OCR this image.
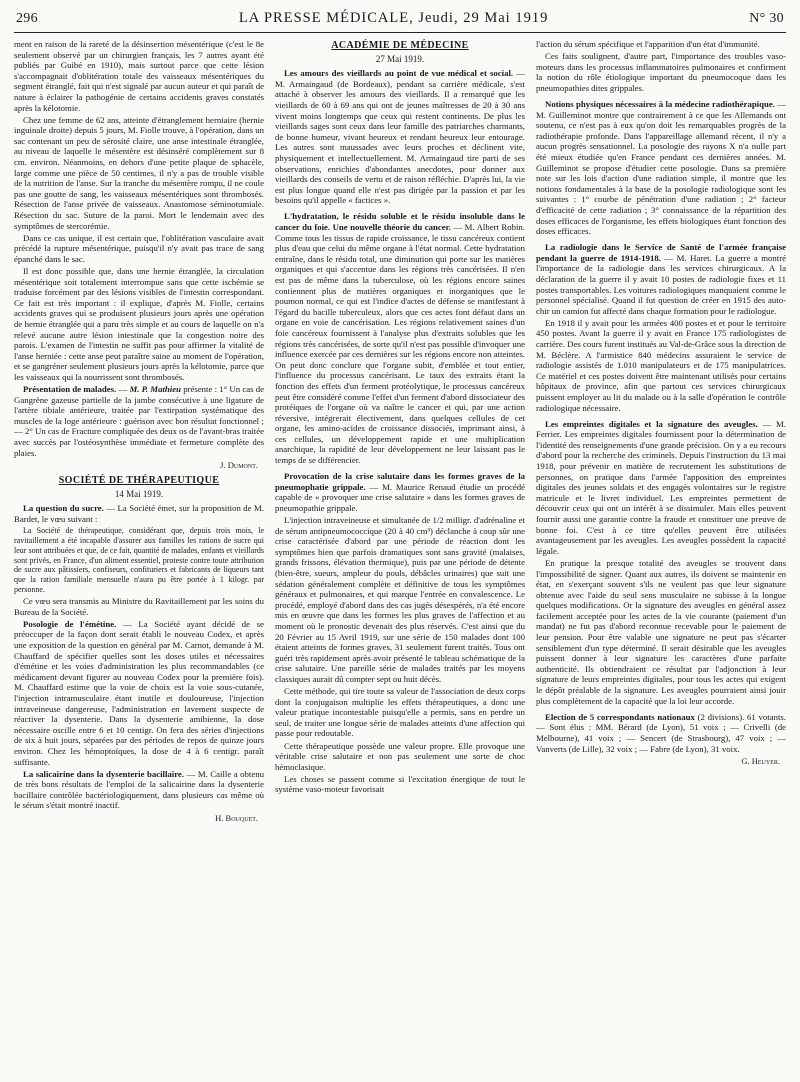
296	LA PRESSE MÉDICALE, Jeudi, 29 Mai 1919	N° 30

ment en raison de la rareté de la désinsertion mésentérique (c'est le 8e seulement observé par un chirurgien français, les 7 autres ayant été publiés par Guibé en 1910), mais surtout parce que cette lésion s'accompagnait d'oblitération totale des vaisseaux mésentériques du segment étranglé, fait qui n'est signalé par aucun auteur et qui paraît de nature à éclairer la pathogénie de certains accidents graves constatés après la kélotomie.

Chez une femme de 62 ans, atteinte d'étranglement herniaire (hernie inguinale droite) depuis 5 jours, M. Fiolle trouve, à l'opération, dans un sac contenant un peu de sérosité claire, une anse intestinale étranglée, au niveau de laquelle le mésentère est désinséré complètement sur 8 cm. environ. Néanmoins, en dehors d'une petite plaque de sphacèle, large comme une pièce de 50 centimes, il n'y a pas de trouble visible de la nutrition de l'anse. Sur la tranche du mésentère rompu, il ne coule pas une goutte de sang, les vaisseaux mésentériques sont thrombosés. Résection de l'anse privée de vaisseaux. Anastomose séminotumiale. Résection du sac. Suture de la paroi. Mort le lendemain avec des symptômes de stercorémie.

Dans ce cas unique, il est certain que, l'oblitération vasculaire avait précédé la rupture mésentérique, puisqu'il n'y avait pas trace de sang épanché dans le sac.

Il est donc possible que, dans une hernie étranglée, la circulation mésentérique soit totalement interrompue sans que cette ischémie se traduise forcément par des lésions visibles de l'intestin correspondant. Ce fait est très important : il explique, d'après M. Fiolle, certains accidents graves qui se produisent plusieurs jours après une opération de hernie étranglée qui a paru très simple et au cours de laquelle on n'a relevé aucune autre lésion intestinale que la congestion noire des parois. L'examen de l'intestin ne suffit pas pour affirmer la vitalité de l'anse herniée : cette anse peut paraître saine au moment de l'opération, et se gangréner seulement plusieurs jours après la kélotomie, parce que les vaisseaux qui la nourrissent sont thrombosés.

Présentation de malades. — M. P. Mathieu présente : 1° Un cas de Gangrène gazeuse partielle de la jambe consécutive à une ligature de l'artère tibiale antérieure, traitée par l'extirpation systématique des muscles de la loge antérieure : guérison avec bon résultat fonctionnel ; — 2° Un cas de Fracture compliquée des deux os de l'avant-bras traitée avec succès par l'ostéosynthèse immédiate et fermeture complète des plaies.

J. Dumont.
SOCIÉTÉ DE THÉRAPEUTIQUE
14 Mai 1919.

La question du sucre. — La Société émet, sur la proposition de M. Bardet, le vœu suivant :

La Société de thérapeutique, considérant que, depuis trois mois, le ravitaillement a été incapable d'assurer aux familles les rations de sucre qui leur sont attribuées et que, de ce fait, quantité de malades, enfants et vieillards sont privés, en France, d'un aliment essentiel, proteste contre toute attribution de sucre aux pâtissiers, confiseurs, confituriers et fabricants de liqueurs tant que la ration familiale mensuelle n'aura pu être portée à 1 kilogr. par personne.

Ce vœu sera transmis au Ministre du Ravitaillement par les soins du Bureau de la Société.

Posologie de l'émétine. — La Société ayant décidé de se préoccuper de la façon dont serait établi le nouveau Codex, et après une exposition de la question en général par M. Carnot, demande à M. Chauffard de spécifier quelles sont les doses utiles et nécessaires d'émétine et les voies d'administration les plus recommandables (ce médicament devant figurer au nouveau Codex pour la première fois). M. Chauffard estime que la voie de choix est la voie sous-cutanée, l'injection intramusculaire étant inutile et douloureuse, l'injection intraveineuse dangereuse, l'administration en lavement suspecte de réactiver la dysenterie. Dans la dysenterie amibienne, la dose nécessaire oscille entre 6 et 10 centigr. On fera des séries d'injections de six à huit jours, séparées par des périodes de repos de quinze jours environ. Chez les hémoptoïques, la dose de 4 à 6 centigr. paraît suffisante.

La salicairine dans la dysenterie bacillaire. — M. Caille a obtenu de très bons résultats de l'emploi de la salicairine dans la dysenterie bacillaire contrôlée bactériologiquement, dans plusieurs cas même où le sérum s'était montré inactif.

H. Bouquet.
ACADÉMIE DE MÉDECINE
27 Mai 1919.

Les amours des vieillards au point de vue médical et social. — M. Armaingaud (de Bordeaux), pendant sa carrière médicale, s'est attaché à observer les amours des vieillards. Il a remarqué que les vieillards de 60 à 69 ans qui ont de jeunes maîtresses de 20 à 30 ans vivent moins longtemps que ceux qui restent continents. De plus les vieillards sages sont ceux dans leur famille des patriarches charmants, de bonne humeur, vivant heureux et rendant heureux leur entourage. Les autres sont maussades avec leurs proches et déclinent vite, physiquement et intellectuellement. M. Armaingaud tire parti de ses observations, enrichies d'abondantes anecdotes, pour donner aux vieillards des conseils de vertu et de raison réfléchie. D'après lui, la vie est plus longue quand elle n'est pas dirigée par la passion et par les besoins qu'il appelle « factices ».

L'hydratation, le résidu soluble et le résidu insoluble dans le cancer du foie. Une nouvelle théorie du cancer. — M. Albert Robin. Comme tous les tissus de rapide croissance, le tissu cancéreux contient plus d'eau que celui du même organe à l'état normal. Cette hydratation entraîne, dans le résidu total, une diminution qui porte sur les matières organiques et qui s'accentue dans les régions très cancérisées. Il n'en est pas de même dans la tuberculose, où les régions encore saines contiennent plus de matières organiques et inorganiques que le poumon normal, ce qui est l'indice d'actes de défense se manifestant à l'égard du bacille tuberculeux, alors que ces actes font défaut dans un organe en voie de cancérisation. Les régions relativement saines d'un foie cancéreux fournissent à l'analyse plus d'extraits solubles que les régions très cancérisées, de sorte qu'il n'est pas possible d'invoquer une influence exercée par ces dernières sur les régions encore non atteintes. On peut donc conclure que l'organe subit, d'emblée et tout entier, l'influence du processus cancérisant. Le taux des extraits étant la fonction des effets d'un ferment protéolytique, le processus cancéreux peut être considéré comme l'effet d'un ferment d'abord dissociateur des protéiques de l'organe où va naître le cancer et qui, par une action réversive, intégrerait électivement, dans quelques cellules de cet organe, les amino-acides de croissance dissociés, imprimant ainsi, à ces cellules, un développement rapide et une multiplication anarchique, la rapidité de leur développement ne leur laissant pas le temps de se différencier.

Provocation de la crise salutaire dans les formes graves de la pneumophatie grippale. — M. Maurice Renaud étudie un procédé capable de « provoquer une crise salutaire » dans les formes graves de pneumopathie grippale.

L'injection intraveineuse et simultanée de 1/2 milligr. d'adrénaline et de sérum antipneumococcique (20 à 40 cm³) déclanche à coup sûr une crise caractérisée d'abord par une période de réaction dont les symptômes bien que parfois dramatiques sont sans gravité (malaises, grands frissons, élévation thermique), puis par une période de détente (bien-être, sueurs, ampleur du pouls, débâcles urinaires) que suit une sédation généralement complète et définitive de tous les symptômes généraux et pulmonaires, et qui marque l'entrée en convalescence. Le procédé, employé d'abord dans des cas jugés désespérés, n'a été encore mis en œuvre que dans les formes les plus graves de l'affection et au moment où le pronostic devenait des plus réservés. C'est ainsi que du 20 Février au 15 Avril 1919, sur une série de 150 malades dont 100 étaient atteints de formes graves, 31 seulement furent traités. Tous ont guéri très rapidement après avoir présenté le tableau schématique de la crise salutaire. Une pareille série de malades traités par les moyens classiques aurait dû compter sept ou huit décès.

Cette méthode, qui tire toute sa valeur de l'association de deux corps dont la conjugaison multiplie les effets thérapeutiques, a donc une valeur pratique incontestable puisqu'elle a permis, sans en perdre un seul, de traiter une longue série de malades atteints d'une affection qui passe pour redoutable.

Cette thérapeutique possède une valeur propre. Elle provoque une véritable crise salutaire et non pas seulement une sorte de choc hémoclasique.

Les choses se passent comme si l'excitation énergique de tout le système vaso-moteur favorisait

l'action du sérum spécifique et l'apparition d'un état d'immunité.

Ces faits soulignent, d'autre part, l'importance des troubles vaso-moteurs dans les processus inflammatoires pulmonaires et confirment la notion du rôle étiologique important du pneumocoque dans les pneumopathies dites grippales.

Notions physiques nécessaires à la médecine radiothérapique. — M. Guilleminot montre que contrairement à ce que les Allemands ont soutenu, ce n'est pas à eux qu'on doit les remarquables progrès de la radiothérapie profonde. Dans l'appareillage allemand récent, il n'y a aucun progrès sensationnel. La posologie des rayons X n'a nulle part été mieux étudiée qu'en France pendant ces dernières années. M. Guilleminot se propose d'étudier cette posologie. Dans sa première note sur les lois d'action d'une radiation simple, il montre que les notions fondamentales à la base de la posologie radiologique sont les suivantes : 1° courbe de pénétration d'une radiation ; 2° facteur d'efficacité de cette radiation ; 3° connaissance de la répartition des doses efficaces de l'organisme, les effets biologiques étant fonction des doses efficaces.

La radiologie dans le Service de Santé de l'armée française pendant la guerre de 1914-1918. — M. Haret. La guerre a montré l'importance de la radiologie dans les services chirurgicaux. A la déclaration de la guerre il y avait 10 postes de radiologie fixes et 11 postes transportables. Les voitures radiologiques manquaient comme le personnel spécialisé. Quand il fut question de créer en 1915 des auto-chir un camion fut affecté dans chaque formation pour le radiologue.

En 1918 il y avait pour les armées 400 postes et et pour le territoire 450 postes. Avant la guerre il y avait en France 175 radiologistes de carrière. Des cours furent institués au Val-de-Grâce sous la direction de M. Béclère. A l'armistice 840 médecins assuraient le service de radiologie assistés de 1.010 manipulateurs et de 175 manipulatrices. Ce matériel et ces postes doivent être maintenant utilisés pour certains hôpitaux de province, afin que partout ces services chirurgicaux puissent employer au lit du malade ou à la salle d'opération le contrôle radiologique nécessaire.

Les empreintes digitales et la signature des aveugles. — M. Ferrier. Les empreintes digitales fournissent pour la détermination de l'identité des renseignements d'une grande précision. On y a eu recours d'abord pour la recherche des criminels. Depuis l'instruction du 13 mai 1918, pour prévenir en matière de recrutement les substitutions de personnes, on pratique dans l'armée l'apposition des empreintes digitales des jeunes soldats et des engagés volontaires sur le registre matricule et le livret individuel. Les empreintes permettent de découvrir ceux qui ont un intérêt à se dissimuler. Mais elles peuvent fournir aussi une garantie contre la fraude et constituer une preuve de bonne foi. C'est à ce titre qu'elles peuvent être utilisées avantageusement par les aveugles. Les aveugles possèdent la capacité légale.

En pratique la presque totalité des aveugles se trouvent dans l'impossibilité de signer. Quant aux autres, ils doivent se maintenir en état, en s'exerçant souvent s'ils ne veulent pas que leur signature obtenue avec l'aide du seul sens musculaire ne subisse à la longue quelques modifications. Or la signature des aveugles en général assez facilement acceptée pour les actes de la vie courante (paiement d'un mandat) ne fut pas d'abord reconnue recevable pour le paiement de leur pension. Pour être valable une signature ne peut pas s'écarter sensiblement d'un type déterminé. Il serait désirable que les aveugles puissent donner à leur signature les caractères d'une parfaite authenticité. Ils obtiendraient ce résultat par l'adjonction à leur signature de leurs empreintes digitales, pour tous les actes qui exigent le dépôt préalable de la signature. Les aveugles pourraient ainsi jouir plus complètement de la capacité que la loi leur accorde.

Election de 5 correspondants nationaux (2 divisions). 61 votants. — Sont élus : MM. Bérard (de Lyon), 51 voix ; — Crivelli (de Melbourne), 41 voix ; — Sencert (de Strasbourg), 47 voix ; — Vanverts (de Lille), 32 voix ; — Fabre (de Lyon), 31 voix.

G. Heuyer.
